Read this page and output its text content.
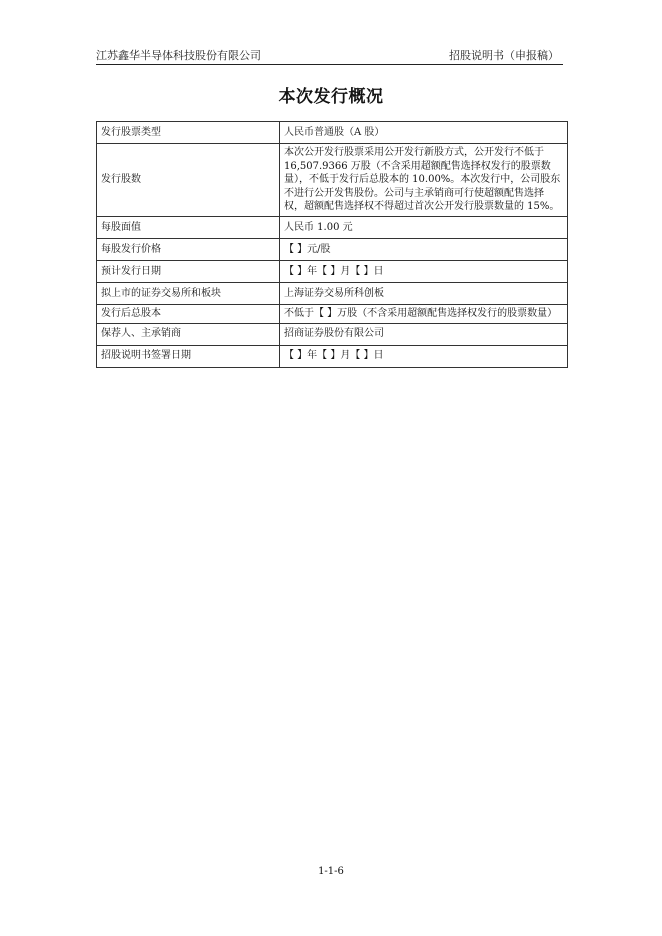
江苏鑫华半导体科技股份有限公司	招股说明书（申报稿）
本次发行概况
发行股票类型	人民币普通股（A 股）
发行股数	本次公开发行股票采用公开发行新股方式，公开发行不低于 16,507.9366 万股（不含采用超额配售选择权发行的股票数量），不低于发行后总股本的 10.00%。本次发行中，公司股东不进行公开发售股份。公司与主承销商可行使超额配售选择权，超额配售选择权不得超过首次公开发行股票数量的 15%。
每股面值	人民币 1.00 元
每股发行价格	【 】元/股
预计发行日期	【 】年【 】月【 】日
拟上市的证券交易所和板块	上海证券交易所科创板
发行后总股本	不低于【 】万股（不含采用超额配售选择权发行的股票数量）
保荐人、主承销商	招商证券股份有限公司
招股说明书签署日期	【 】年【 】月【 】日
1-1-6
